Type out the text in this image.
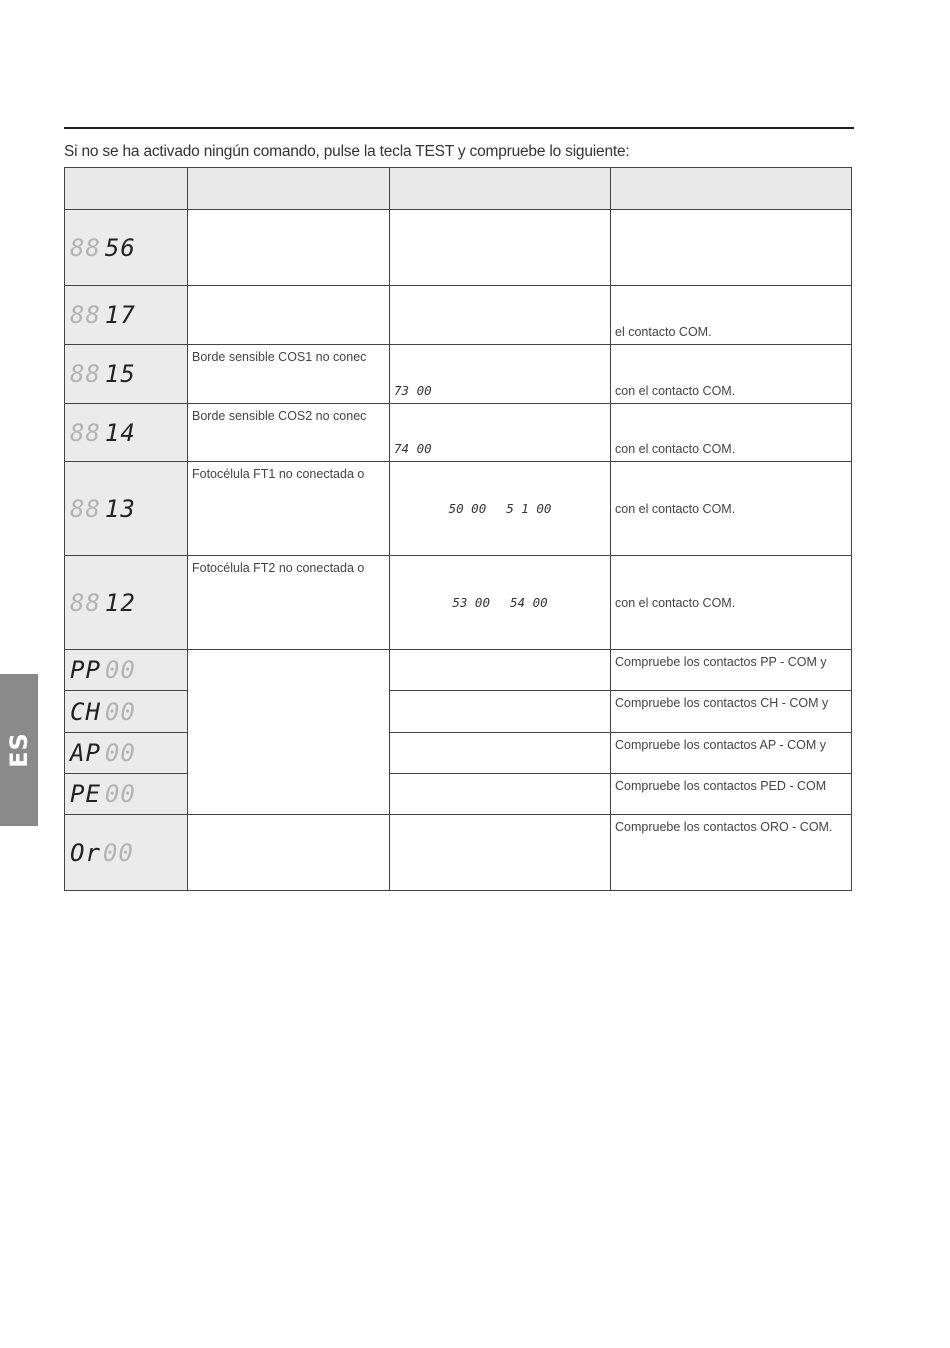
Si no se ha activado ningún comando, pulse la tecla TEST y compruebe lo siguiente:
ES

88 56			
88 17			el contacto COM.
88 15	Borde sensible COS1 no conec	73 00	con el contacto COM.
88 14	Borde sensible COS2 no conec	74 00	con el contacto COM.
88 13	Fotocélula FT1 no conectada o	50 00 5 1 00	con el contacto COM.
88 12	Fotocélula FT2 no conectada o	53 00 54 00	con el contacto COM.
PP 00			Compruebe los contactos PP - COM y
CH 00			Compruebe los contactos CH - COM y
AP 00			Compruebe los contactos AP - COM y
PE 00			Compruebe los contactos PED - COM
Or00			Compruebe los contactos ORO - COM.
